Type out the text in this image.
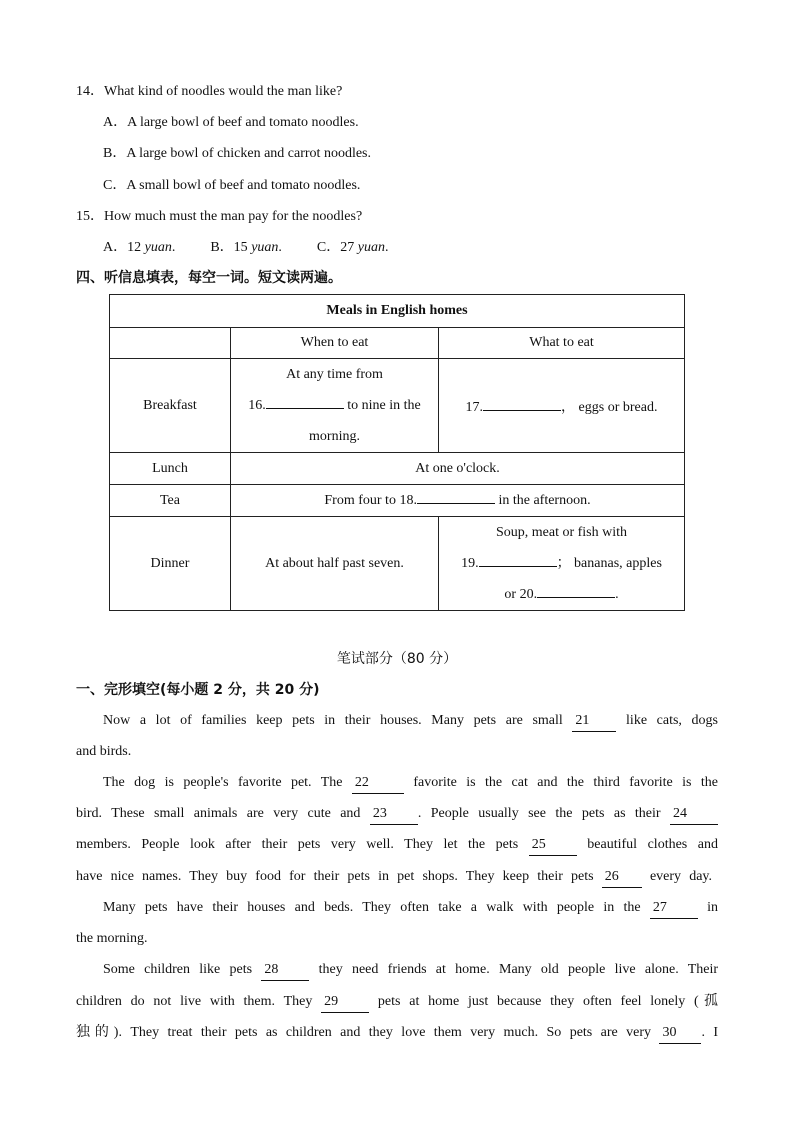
14．What kind of noodles would the man like?
A．A large bowl of beef and tomato noodles.
B．A large bowl of chicken and carrot noodles.
C．A small bowl of beef and tomato noodles.
15．How much must the man pay for the noodles?
A．12 yuan.	B．15 yuan.	C．27 yuan.
四、听信息填表，每空一词。短文读两遍。
Meals in English homes		
	When to eat	What to eat
Breakfast	At any time from
16. to nine in the
morning.	17. ， eggs or bread.
Lunch	At one o'clock.	
Tea	From four to 18. in the afternoon.	
Dinner	At about half past seven.	Soup, meat or fish with
19. ； bananas, apples
or 20. .
笔试部分（80 分）
一、完形填空(每小题 2 分，共 20 分)
Now a lot of families keep pets in their houses. Many pets are small 21	like cats, dogs
and birds.
The dog is people's favorite pet. The 22	favorite is the cat and the third favorite is the
bird. These small animals are very cute and 23 . People usually see the pets as their 24
members. People look after their pets very well. They let the pets 25	beautiful clothes and
have nice names. They buy food for their pets in pet shops. They keep their pets 26 every day.
Many pets have their houses and beds. They often take a walk with people in the 27	in
the morning.
Some children like pets 28	they need friends at home. Many old people live alone. Their
children do not live with them. They 29	pets at home just because they often feel lonely (孤
独的). They treat their pets as children and they love them very much. So pets are very 30 . I
